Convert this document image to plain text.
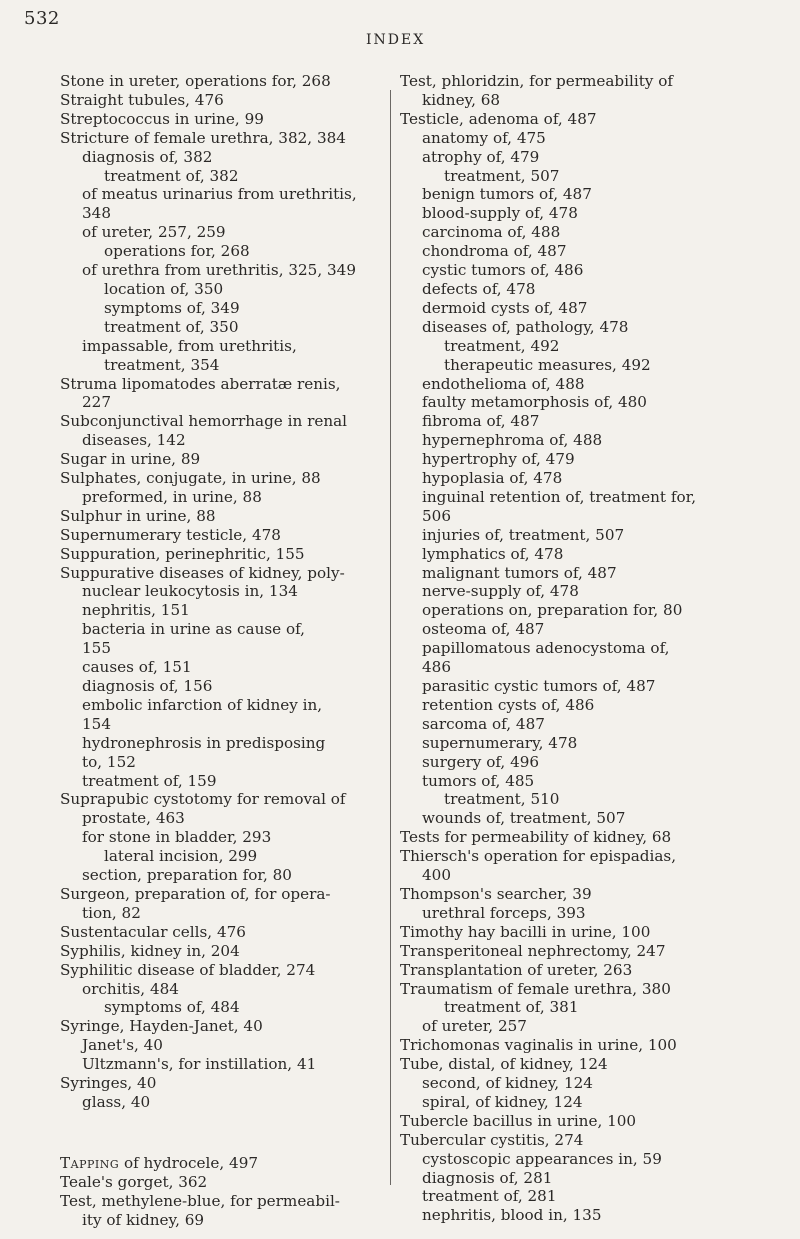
532
INDEX
Stone in ureter, operations for, 268
Straight tubules, 476
Streptococcus in urine, 99
Stricture of female urethra, 382, 384
diagnosis of, 382
treatment of, 382
of meatus urinarius from urethritis,
348
of ureter, 257, 259
operations for, 268
of urethra from urethritis, 325, 349
location of, 350
symptoms of, 349
treatment of, 350
impassable, from urethritis,
treatment, 354
Struma lipomatodes aberratæ renis,
227
Subconjunctival hemorrhage in renal
diseases, 142
Sugar in urine, 89
Sulphates, conjugate, in urine, 88
preformed, in urine, 88
Sulphur in urine, 88
Supernumerary testicle, 478
Suppuration, perinephritic, 155
Suppurative diseases of kidney, poly-
nuclear leukocytosis in, 134
nephritis, 151
bacteria in urine as cause of,
155
causes of, 151
diagnosis of, 156
embolic infarction of kidney in,
154
hydronephrosis in predisposing
to, 152
treatment of, 159
Suprapubic cystotomy for removal of
prostate, 463
for stone in bladder, 293
lateral incision, 299
section, preparation for, 80
Surgeon, preparation of, for opera-
tion, 82
Sustentacular cells, 476
Syphilis, kidney in, 204
Syphilitic disease of bladder, 274
orchitis, 484
symptoms of, 484
Syringe, Hayden-Janet, 40
Janet's, 40
Ultzmann's, for instillation, 41
Syringes, 40
glass, 40
Tapping of hydrocele, 497
Teale's gorget, 362
Test, methylene-blue, for permeabil-
ity of kidney, 69
Test, phloridzin, for permeability of
kidney, 68
Testicle, adenoma of, 487
anatomy of, 475
atrophy of, 479
treatment, 507
benign tumors of, 487
blood-supply of, 478
carcinoma of, 488
chondroma of, 487
cystic tumors of, 486
defects of, 478
dermoid cysts of, 487
diseases of, pathology, 478
treatment, 492
therapeutic measures, 492
endothelioma of, 488
faulty metamorphosis of, 480
fibroma of, 487
hypernephroma of, 488
hypertrophy of, 479
hypoplasia of, 478
inguinal retention of, treatment for,
506
injuries of, treatment, 507
lymphatics of, 478
malignant tumors of, 487
nerve-supply of, 478
operations on, preparation for, 80
osteoma of, 487
papillomatous adenocystoma of,
486
parasitic cystic tumors of, 487
retention cysts of, 486
sarcoma of, 487
supernumerary, 478
surgery of, 496
tumors of, 485
treatment, 510
wounds of, treatment, 507
Tests for permeability of kidney, 68
Thiersch's operation for epispadias,
400
Thompson's searcher, 39
urethral forceps, 393
Timothy hay bacilli in urine, 100
Transperitoneal nephrectomy, 247
Transplantation of ureter, 263
Traumatism of female urethra, 380
treatment of, 381
of ureter, 257
Trichomonas vaginalis in urine, 100
Tube, distal, of kidney, 124
second, of kidney, 124
spiral, of kidney, 124
Tubercle bacillus in urine, 100
Tubercular cystitis, 274
cystoscopic appearances in, 59
diagnosis of, 281
treatment of, 281
nephritis, blood in, 135
